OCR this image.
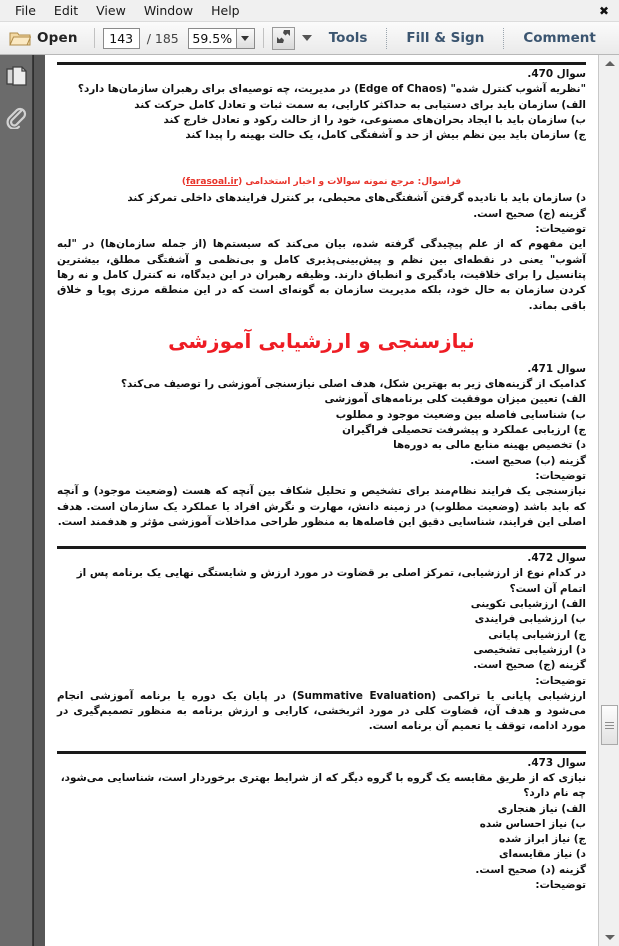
File	Edit	View	Window	Help	✖
Open	143	/ 185	59.5%	Tools	Fill & Sign	Comment
سوال 470.
"نظریه آشوب کنترل شده" (Edge of Chaos) در مدیریت، چه توصیه‌ای برای رهبران سازمان‌ها دارد؟
الف) سازمان باید برای دستیابی به حداکثر کارایی، به سمت ثبات و تعادل کامل حرکت کند
ب) سازمان باید با ایجاد بحران‌های مصنوعی، خود را از حالت رکود و تعادل خارج کند
ج) سازمان باید بین نظم بیش از حد و آشفتگی کامل، یک حالت بهینه را پیدا کند
فراسوال: مرجع نمونه سوالات و اخبار استخدامی (farasoal.ir)
د) سازمان باید با نادیده گرفتن آشفتگی‌های محیطی، بر کنترل فرایندهای داخلی تمرکز کند
گزینه (ج) صحیح است.
توضیحات:
این مفهوم که از علم پیچیدگی گرفته شده، بیان می‌کند که سیستم‌ها (از جمله سازمان‌ها) در "لبه آشوب" یعنی در نقطه‌ای بین نظم و پیش‌بینی‌پذیری کامل و بی‌نظمی و آشفتگی مطلق، بیشترین پتانسیل را برای خلاقیت، یادگیری و انطباق دارند. وظیفه رهبران در این دیدگاه، نه کنترل کامل و نه رها کردن سازمان به حال خود، بلکه مدیریت سازمان به گونه‌ای است که در این منطقه مرزی پویا و خلاق باقی بماند.
نیازسنجی و ارزشیابی آموزشی
سوال 471.
کدامیک از گزینه‌های زیر به بهترین شکل، هدف اصلی نیازسنجی آموزشی را توصیف می‌کند؟
الف) تعیین میزان موفقیت کلی برنامه‌های آموزشی
ب) شناسایی فاصله بین وضعیت موجود و مطلوب
ج) ارزیابی عملکرد و پیشرفت تحصیلی فراگیران
د) تخصیص بهینه منابع مالی به دوره‌ها
گزینه (ب) صحیح است.
توضیحات:
نیازسنجی یک فرایند نظام‌مند برای تشخیص و تحلیل شکاف بین آنچه که هست (وضعیت موجود) و آنچه که باید باشد (وضعیت مطلوب) در زمینه دانش، مهارت و نگرش افراد یا عملکرد یک سازمان است. هدف اصلی این فرایند، شناسایی دقیق این فاصله‌ها به منظور طراحی مداخلات آموزشی مؤثر و هدفمند است.
سوال 472.
در کدام نوع از ارزشیابی، تمرکز اصلی بر قضاوت در مورد ارزش و شایستگی نهایی یک برنامه پس از اتمام آن است؟
الف) ارزشیابی تکوینی
ب) ارزشیابی فرایندی
ج) ارزشیابی پایانی
د) ارزشیابی تشخیصی
گزینه (ج) صحیح است.
توضیحات:
ارزشیابی پایانی یا تراکمی (Summative Evaluation) در پایان یک دوره یا برنامه آموزشی انجام می‌شود و هدف آن، قضاوت کلی در مورد اثربخشی، کارایی و ارزش برنامه به منظور تصمیم‌گیری در مورد ادامه، توقف یا تعمیم آن برنامه است.
سوال 473.
نیازی که از طریق مقایسه یک گروه با گروه دیگر که از شرایط بهتری برخوردار است، شناسایی می‌شود، چه نام دارد؟
الف) نیاز هنجاری
ب) نیاز احساس شده
ج) نیاز ابراز شده
د) نیاز مقایسه‌ای
گزینه (د) صحیح است.
توضیحات:
